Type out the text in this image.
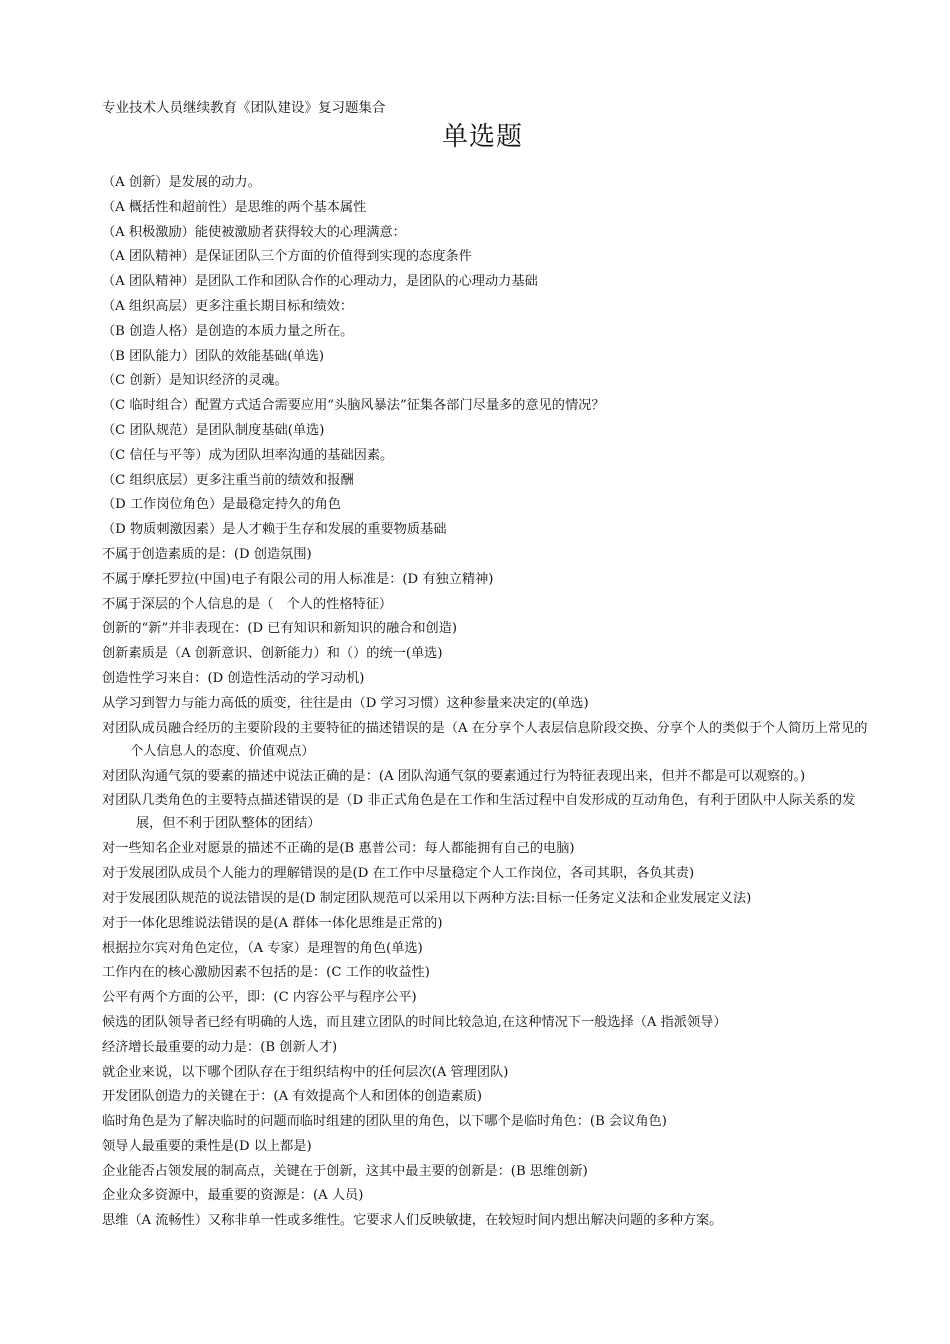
专业技术人员继续教育《团队建设》复习题集合
单选题
（A 创新）是发展的动力。
（A 概括性和超前性）是思维的两个基本属性
（A 积极激励）能使被激励者获得较大的心理满意：
（A 团队精神）是保证团队三个方面的价值得到实现的态度条件
（A 团队精神）是团队工作和团队合作的心理动力，是团队的心理动力基础
（A 组织高层）更多注重长期目标和绩效：
（B 创造人格）是创造的本质力量之所在。
（B 团队能力）团队的效能基础(单选)
（C 创新）是知识经济的灵魂。
（C 临时组合）配置方式适合需要应用“头脑风暴法”征集各部门尽量多的意见的情况？
（C 团队规范）是团队制度基础(单选)
（C 信任与平等）成为团队坦率沟通的基础因素。
（C 组织底层）更多注重当前的绩效和报酬
（D 工作岗位角色）是最稳定持久的角色
（D 物质刺激因素）是人才赖于生存和发展的重要物质基础
不属于创造素质的是：(D 创造氛围)
不属于摩托罗拉(中国)电子有限公司的用人标准是：(D 有独立精神)
不属于深层的个人信息的是（　个人的性格特征）
创新的“新”并非表现在：(D 已有知识和新知识的融合和创造)
创新素质是（A 创新意识、创新能力）和（）的统一(单选)
创造性学习来自：(D 创造性活动的学习动机)
从学习到智力与能力高低的质变，往往是由（D 学习习惯）这种参量来决定的(单选)
对团队成员融合经历的主要阶段的主要特征的描述错误的是（A 在分享个人表层信息阶段交换、分享个人的类似于个人简历上常见的个人信息人的态度、价值观点）
对团队沟通气氛的要素的描述中说法正确的是：(A 团队沟通气氛的要素通过行为特征表现出来，但并不都是可以观察的。)
对团队几类角色的主要特点描述错误的是（D 非正式角色是在工作和生活过程中自发形成的互动角色，有利于团队中人际关系的发展，但不利于团队整体的团结）
对一些知名企业对愿景的描述不正确的是(B 惠普公司：每人都能拥有自己的电脑)
对于发展团队成员个人能力的理解错误的是(D 在工作中尽量稳定个人工作岗位，各司其职，各负其责)
对于发展团队规范的说法错误的是(D 制定团队规范可以采用以下两种方法:目标一任务定义法和企业发展定义法)
对于一体化思维说法错误的是(A 群体一体化思维是正常的)
根据拉尔宾对角色定位，（A 专家）是理智的角色(单选)
工作内在的核心激励因素不包括的是：(C 工作的收益性)
公平有两个方面的公平，即：(C 内容公平与程序公平)
候选的团队领导者已经有明确的人选，而且建立团队的时间比较急迫,在这种情况下一般选择（A 指派领导）
经济增长最重要的动力是：(B 创新人才)
就企业来说，以下哪个团队存在于组织结构中的任何层次(A 管理团队)
开发团队创造力的关键在于：(A 有效提高个人和团体的创造素质)
临时角色是为了解决临时的问题而临时组建的团队里的角色，以下哪个是临时角色：(B 会议角色)
领导人最重要的秉性是(D 以上都是)
企业能否占领发展的制高点，关键在于创新，这其中最主要的创新是：(B 思维创新)
企业众多资源中，最重要的资源是：(A 人员)
思维（A 流畅性）又称非单一性或多维性。它要求人们反映敏捷，在较短时间内想出解决问题的多种方案。
